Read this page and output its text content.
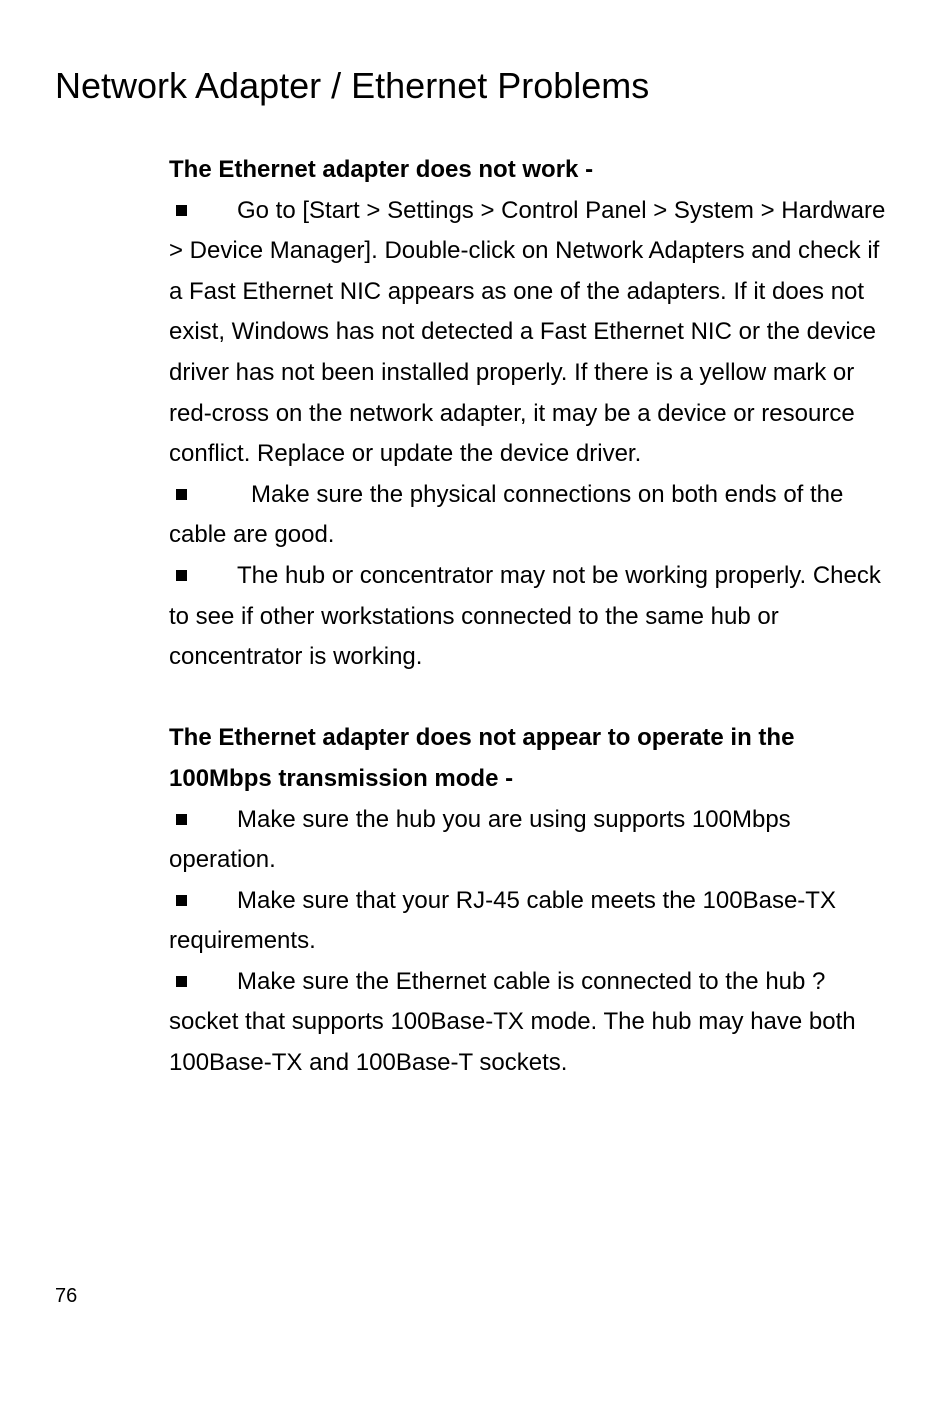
Network Adapter / Ethernet Problems

The Ethernet adapter does not work -

Go to [Start > Settings > Control Panel > System > Hardware > Device Manager]. Double-click on Network Adapters and check if a Fast Ethernet NIC appears as one of the adapters. If it does not exist, Windows has not detected a Fast Ethernet NIC or the device driver has not been installed properly. If there is a yellow mark or red-cross on the network adapter, it may be a device or resource conflict. Replace or update the device driver.

Make sure the physical connections on both ends of the cable are good.

The hub or concentrator may not be working properly. Check to see if other workstations connected to the same hub or concentrator is working.

The Ethernet adapter does not appear to operate in the 100Mbps transmission mode -

Make sure the hub you are using supports 100Mbps operation.

Make sure that your RJ-45 cable meets the 100Base-TX requirements.

Make sure the Ethernet cable is connected to the hub ? socket that supports 100Base-TX mode. The hub may have both 100Base-TX and 100Base-T sockets.

76
